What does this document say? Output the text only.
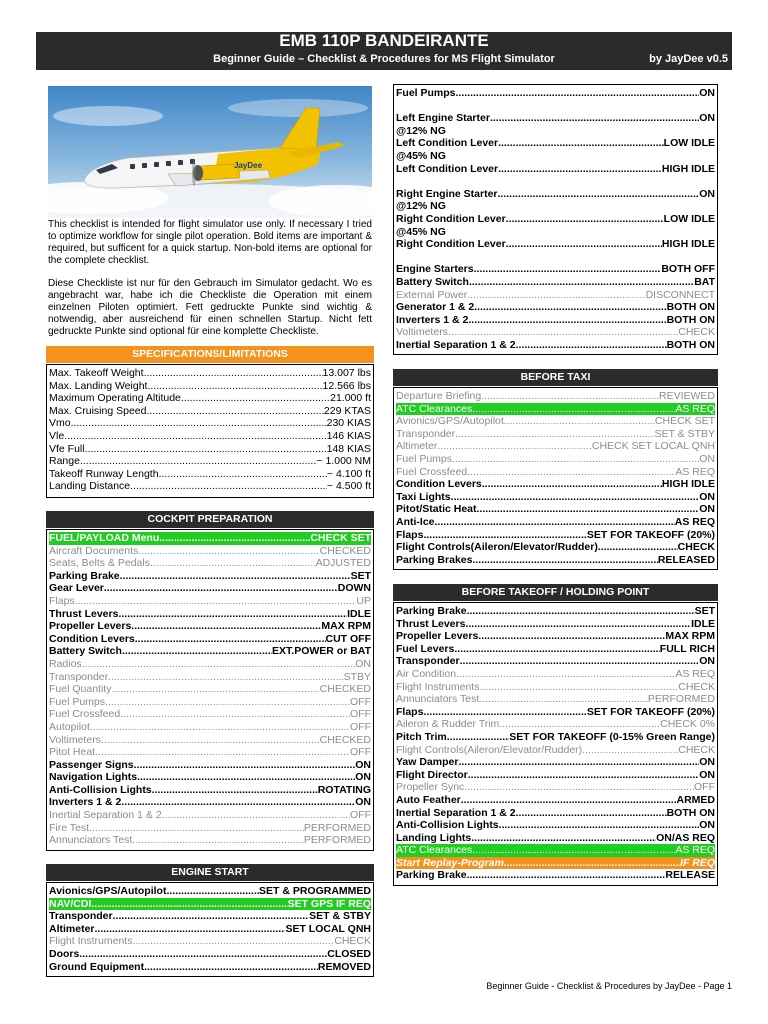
EMB 110P BANDEIRANTE
Beginner Guide – Checklist & Procedures for MS Flight Simulator	by JayDee v0.5
JayDee

This checklist is intended for flight simulator use only. If necessary I tried to optimize workflow for single pilot operation. Bold items are important & required, but sufficent for a quick startup. Non-bold items are optional for the complete checklist.

Diese Checkliste ist nur für den Gebrauch im Simulator gedacht. Wo es angebracht war, habe ich die Checkliste die Operation mit einem einzelnen Piloten optimiert. Fett gedruckte Punkte sind wichtig & notwendig, aber ausreichend für einen schnellen Startup. Nicht fett gedruckte Punkte sind optional für eine komplette Checkliste.

SPECIFICATIONS/LIMITATIONS
Max. Takeoff Weight .....	13.007 lbs
Max. Landing Weight .....	12.566 lbs
Maximum Operating Altitude .....	21.000 ft
Max. Cruising Speed .....	229 KTAS
Vmo .....	230 KIAS
Vle .....	146 KIAS
Vfe Full .....	148 KIAS
Range .....	~ 1.000 NM
Takeoff Runway Length .....	~ 4.100 ft
Landing Distance .....	~ 4.500 ft
COCKPIT PREPARATION
FUEL/PAYLOAD Menu .....	CHECK SET
Aircraft Documents .....	CHECKED
Seats, Belts & Pedals .....	ADJUSTED
Parking Brake .....	SET
Gear Lever .....	DOWN
Flaps .....	UP
Thrust Levers .....	IDLE
Propeller Levers .....	MAX RPM
Condition Levers .....	CUT OFF
Battery Switch .....	EXT.POWER or BAT
Radios .....	ON
Transponder .....	STBY
Fuel Quantity .....	CHECKED
Fuel Pumps .....	OFF
Fuel Crossfeed .....	OFF
Autopilot .....	OFF
Voltimeters .....	CHECKED
Pitot Heat .....	OFF
Passenger Signs .....	ON
Navigation Lights .....	ON
Anti-Collision Lights .....	ROTATING
Inverters 1 & 2 .....	ON
Inertial Separation 1 & 2 .....	OFF
Fire Test .....	PERFORMED
Annunciators Test .....	PERFORMED
ENGINE START
Avionics/GPS/Autopilot .....	SET & PROGRAMMED
NAV/CDI .....	SET GPS IF REQ
Transponder .....	SET & STBY
Altimeter .....	SET LOCAL QNH
Flight Instruments .....	CHECK
Doors .....	CLOSED
Ground Equipment .....	REMOVED
Fuel Pumps .....	ON
Left Engine Starter .....	ON
@12% NG
Left Condition Lever .....	LOW IDLE
@45% NG
Left Condition Lever .....	HIGH IDLE
Right Engine Starter .....	ON
@12% NG
Right Condition Lever .....	LOW IDLE
@45% NG
Right Condition Lever .....	HIGH IDLE
Engine Starters .....	BOTH OFF
Battery Switch .....	BAT
External Power .....	DISCONNECT
Generator 1 & 2 .....	BOTH ON
Inverters 1 & 2 .....	BOTH ON
Voltimeters .....	CHECK
Inertial Separation 1 & 2 .....	BOTH ON
BEFORE TAXI
Departure Briefing .....	REVIEWED
ATC Clearances .....	AS REQ
Avionics/GPS/Autopilot .....	CHECK SET
Transponder .....	SET & STBY
Altimeter .....	CHECK SET LOCAL QNH
Fuel Pumps .....	ON
Fuel Crossfeed .....	AS REQ
Condition Levers .....	HIGH IDLE
Taxi Lights .....	ON
Pitot/Static Heat .....	ON
Anti-Ice .....	AS REQ
Flaps .....	SET FOR TAKEOFF (20%)
Flight Controls(Aileron/Elevator/Rudder) .....	CHECK
Parking Brakes .....	RELEASED
BEFORE TAKEOFF / HOLDING POINT
Parking Brake .....	SET
Thrust Levers .....	IDLE
Propeller Levers .....	MAX RPM
Fuel Levers .....	FULL RICH
Transponder .....	ON
Air Condition .....	AS REQ
Flight Instruments .....	CHECK
Annunciators Test .....	PERFORMED
Flaps .....	SET FOR TAKEOFF (20%)
Aileron & Rudder Trim .....	CHECK 0%
Pitch Trim .....	SET FOR TAKEOFF (0-15% Green Range)
Flight Controls(Aileron/Elevator/Rudder) .....	CHECK
Yaw Damper .....	ON
Flight Director .....	ON
Propeller Sync .....	OFF
Auto Feather .....	ARMED
Inertial Separation 1 & 2 .....	BOTH ON
Anti-Collision Lights .....	ON
Landing Lights .....	ON/AS REQ
ATC Clearances .....	AS REQ
Start Replay-Program .....	IF REQ
Parking Brake .....	RELEASE
Beginner Guide - Checklist & Procedures by JayDee - Page 1
